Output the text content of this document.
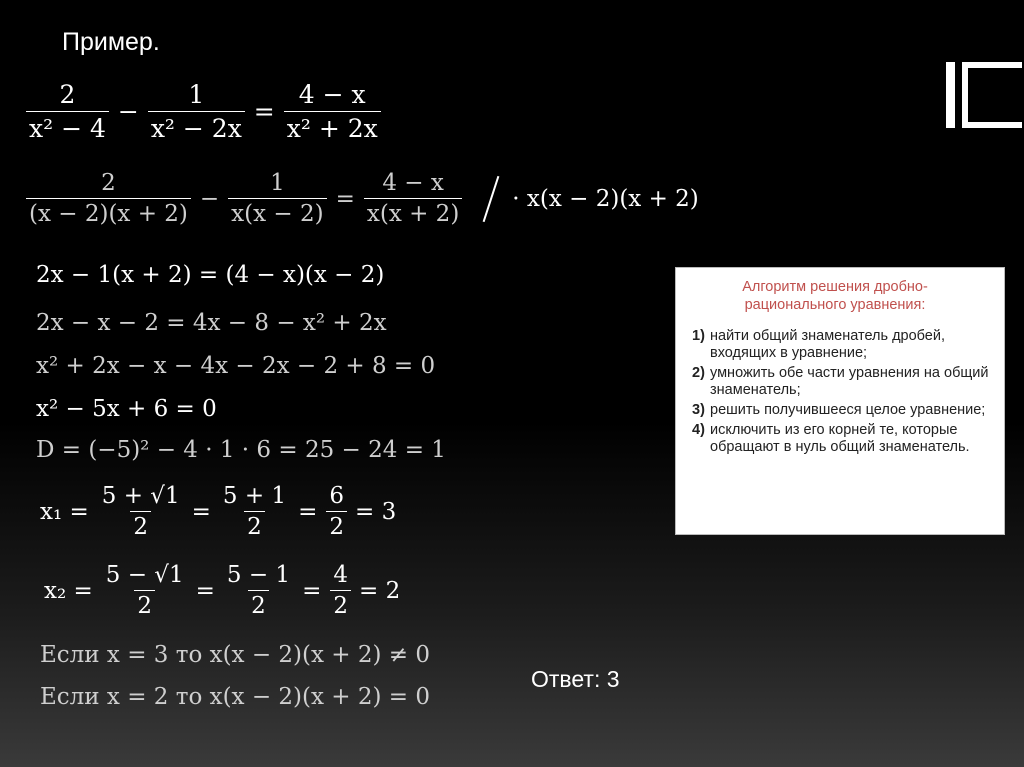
Пример.
$\frac{2}{\text{x² − 4}} - \frac{1}{\text{x² − 2x}} = \frac{4 - x}{\text{x² + 2x}}$
$\frac{2}{(x - 2)(x + 2)} - \frac{1}{x(x - 2)} = \frac{4 - x}{x(x + 2)} \cdot x(x - 2)(x + 2)$
2x − 1(x + 2) = (4 − x)(x − 2)
2x − x − 2 = 4x − 8 − x² + 2x
x² + 2x − x − 4x − 2x − 2 + 8 = 0
x² − 5x + 6 = 0
D = (−5)² − 4 · 1 · 6 = 25 − 24 = 1
$x_1 = \frac{5 + √1}{2} = \frac{5 + 1}{2} = \frac{6}{2} = 3$
$x_2 = \frac{5 - √1}{2} = \frac{5 - 1}{2} = \frac{4}{2} = 2$
Если x = 3 то x(x − 2)(x + 2) ≠ 0
Если x = 2 то x(x − 2)(x + 2) = 0
Ответ: 3
Алгоритм решения дробно-рационального уравнения:
1) найти общий знаменатель дробей, входящих в уравнение;
2) умножить обе части уравнения на общий знаменатель;
3) решить получившееся целое уравнение;
4) исключить из его корней те, которые обращают в нуль общий знаменатель.
